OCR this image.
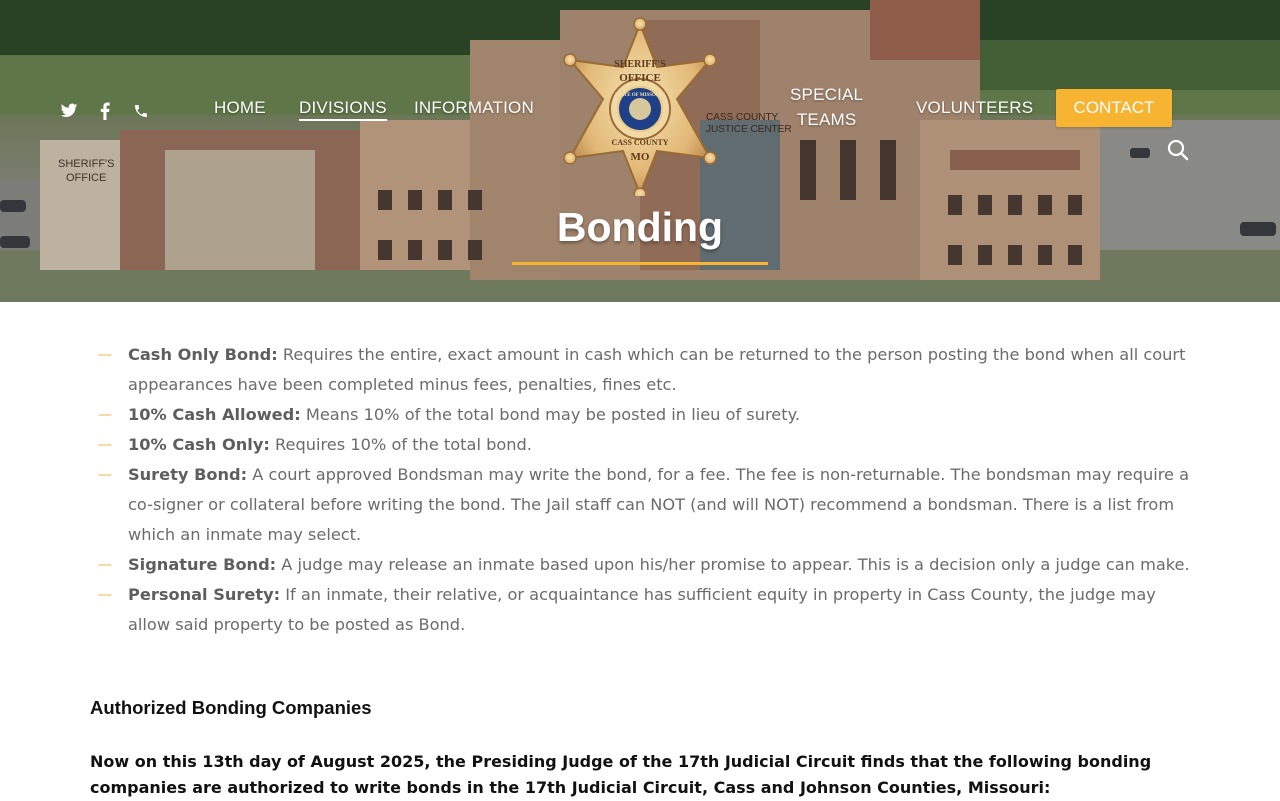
SHERIFF'S
OFFICE
CASS COUNTY
JUSTICE CENTER
HOME DIVISIONS INFORMATION
SHERIFF'S
OFFICE
STATE OF MISSOURI
CASS COUNTY
MO
SPECIAL
TEAMS
VOLUNTEERS	CONTACT
Bonding
— Cash Only Bond: Requires the entire, exact amount in cash which can be returned to the person posting the bond when all court appearances have been completed minus fees, penalties, fines etc.
— 10% Cash Allowed: Means 10% of the total bond may be posted in lieu of surety.
— 10% Cash Only: Requires 10% of the total bond.
— Surety Bond: A court approved Bondsman may write the bond, for a fee. The fee is non-returnable. The bondsman may require a co-signer or collateral before writing the bond. The Jail staff can NOT (and will NOT) recommend a bondsman. There is a list from which an inmate may select.
— Signature Bond: A judge may release an inmate based upon his/her promise to appear. This is a decision only a judge can make.
— Personal Surety: If an inmate, their relative, or acquaintance has sufficient equity in property in Cass County, the judge may allow said property to be posted as Bond.
Authorized Bonding Companies

Now on this 13th day of August 2025, the Presiding Judge of the 17th Judicial Circuit finds that the following bonding companies are authorized to write bonds in the 17th Judicial Circuit, Cass and Johnson Counties, Missouri:
